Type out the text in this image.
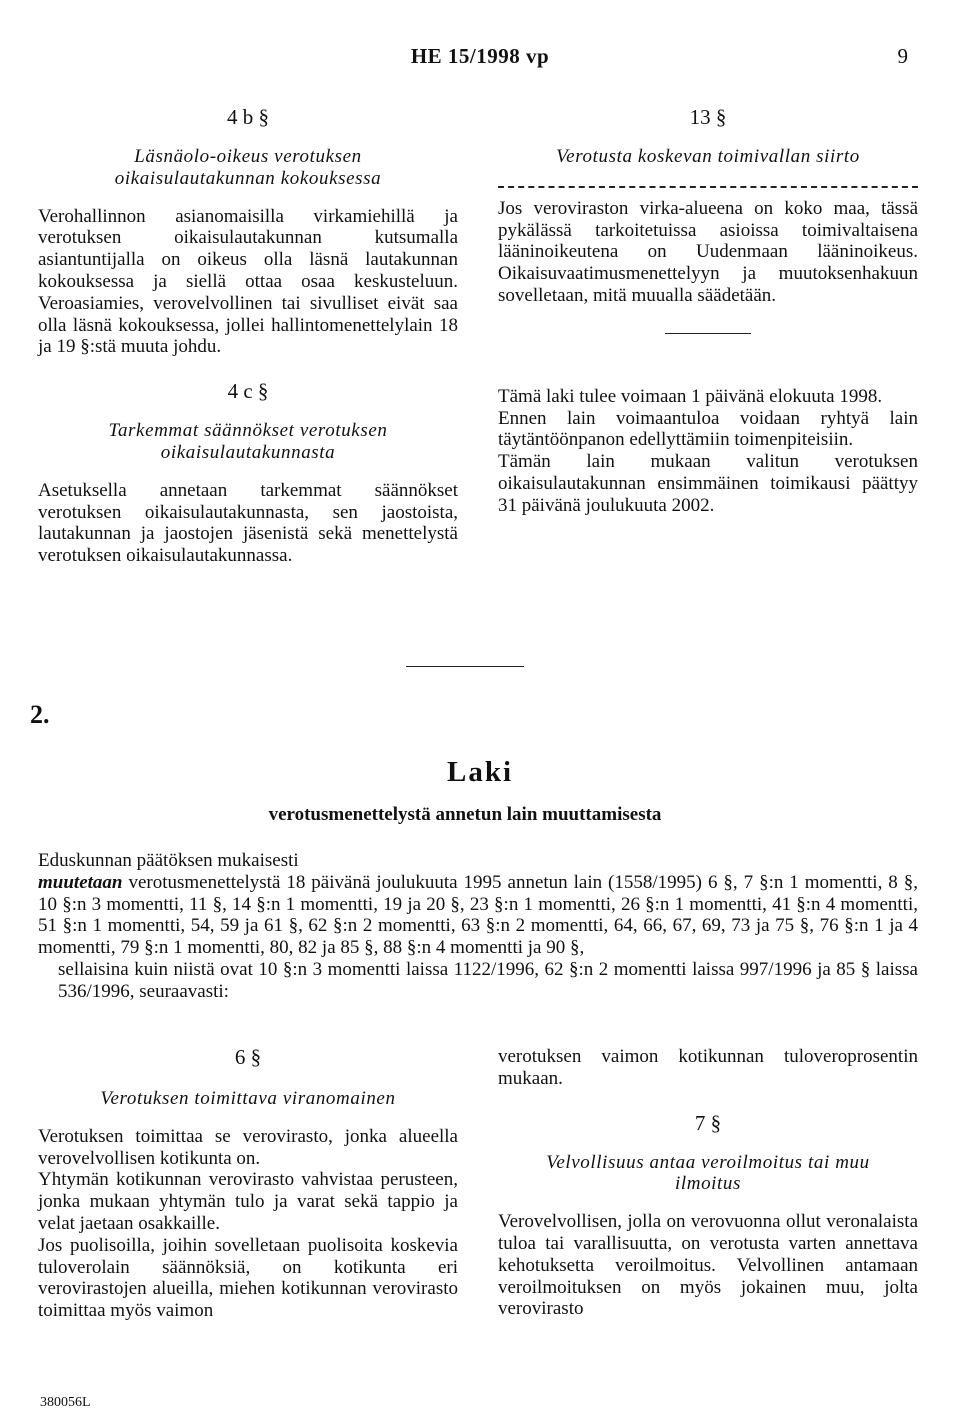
HE 15/1998 vp	9
4 b §
Läsnäolo-oikeus verotuksen
oikaisulautakunnan kokouksessa

Verohallinnon asianomaisilla virkamiehillä ja verotuksen oikaisulautakunnan kutsumalla asiantuntijalla on oikeus olla läsnä lautakunnan kokouksessa ja siellä ottaa osaa keskusteluun. Veroasiamies, verovelvollinen tai sivulliset eivät saa olla läsnä kokouksessa, jollei hallintomenettelylain 18 ja 19 §:stä muuta johdu.

4 c §
Tarkemmat säännökset verotuksen
oikaisulautakunnasta

Asetuksella annetaan tarkemmat säännökset verotuksen oikaisulautakunnasta, sen jaostoista, lautakunnan ja jaostojen jäsenistä sekä menettelystä verotuksen oikaisulautakunnassa.

13 §
Verotusta koskevan toimivallan siirto

Jos veroviraston virka-alueena on koko maa, tässä pykälässä tarkoitetuissa asioissa toimivaltaisena lääninoikeutena on Uudenmaan lääninoikeus. Oikaisuvaatimusmenettelyyn ja muutoksenhakuun sovelletaan, mitä muualla säädetään.

Tämä laki tulee voimaan 1 päivänä elokuuta 1998.

Ennen lain voimaantuloa voidaan ryhtyä lain täytäntöönpanon edellyttämiin toimenpiteisiin.

Tämän lain mukaan valitun verotuksen oikaisulautakunnan ensimmäinen toimikausi päättyy 31 päivänä joulukuuta 2002.

2.
Laki
verotusmenettelystä annetun lain muuttamisesta

Eduskunnan päätöksen mukaisesti

muutetaan verotusmenettelystä 18 päivänä joulukuuta 1995 annetun lain (1558/1995) 6 §, 7 §:n 1 momentti, 8 §, 10 §:n 3 momentti, 11 §, 14 §:n 1 momentti, 19 ja 20 §, 23 §:n 1 momentti, 26 §:n 1 momentti, 41 §:n 4 momentti, 51 §:n 1 momentti, 54, 59 ja 61 §, 62 §:n 2 momentti, 63 §:n 2 momentti, 64, 66, 67, 69, 73 ja 75 §, 76 §:n 1 ja 4 momentti, 79 §:n 1 momentti, 80, 82 ja 85 §, 88 §:n 4 momentti ja 90 §,

sellaisina kuin niistä ovat 10 §:n 3 momentti laissa 1122/1996, 62 §:n 2 momentti laissa 997/1996 ja 85 § laissa 536/1996, seuraavasti:

6 §
Verotuksen toimittava viranomainen

Verotuksen toimittaa se verovirasto, jonka alueella verovelvollisen kotikunta on.

Yhtymän kotikunnan verovirasto vahvistaa perusteen, jonka mukaan yhtymän tulo ja varat sekä tappio ja velat jaetaan osakkaille.

Jos puolisoilla, joihin sovelletaan puolisoita koskevia tuloverolain säännöksiä, on kotikunta eri verovirastojen alueilla, miehen kotikunnan verovirasto toimittaa myös vaimon

verotuksen vaimon kotikunnan tuloveroprosentin mukaan.

7 §
Velvollisuus antaa veroilmoitus tai muu
ilmoitus

Verovelvollisen, jolla on verovuonna ollut veronalaista tuloa tai varallisuutta, on verotusta varten annettava kehotuksetta veroilmoitus. Velvollinen antamaan veroilmoituksen on myös jokainen muu, jolta verovirasto

380056L
